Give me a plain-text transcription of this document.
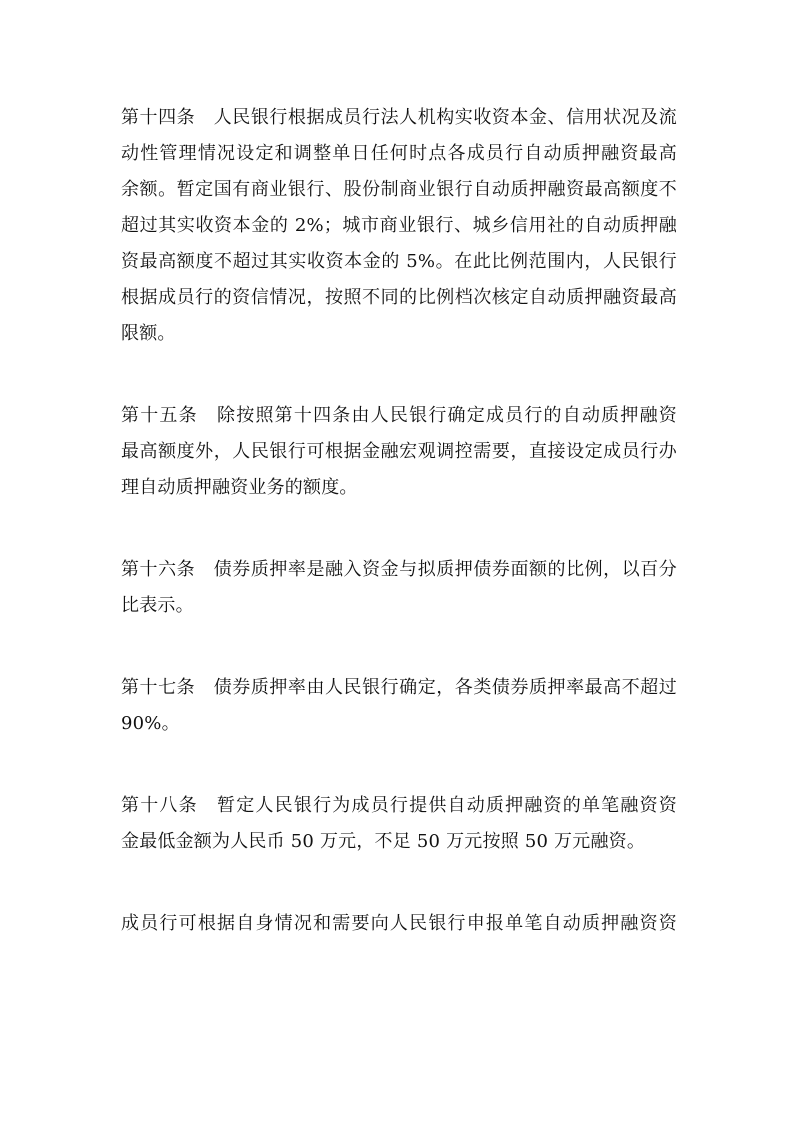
第十四条　人民银行根据成员行法人机构实收资本金、信用状况及流
动性管理情况设定和调整单日任何时点各成员行自动质押融资最高
余额。暂定国有商业银行、股份制商业银行自动质押融资最高额度不
超过其实收资本金的 2%；城市商业银行、城乡信用社的自动质押融
资最高额度不超过其实收资本金的 5%。在此比例范围内，人民银行
根据成员行的资信情况，按照不同的比例档次核定自动质押融资最高
限额。
第十五条　除按照第十四条由人民银行确定成员行的自动质押融资
最高额度外，人民银行可根据金融宏观调控需要，直接设定成员行办
理自动质押融资业务的额度。
第十六条　债券质押率是融入资金与拟质押债券面额的比例，以百分
比表示。
第十七条　债券质押率由人民银行确定，各类债券质押率最高不超过
90%。
第十八条　暂定人民银行为成员行提供自动质押融资的单笔融资资
金最低金额为人民币 50 万元，不足 50 万元按照 50 万元融资。
成员行可根据自身情况和需要向人民银行申报单笔自动质押融资资
